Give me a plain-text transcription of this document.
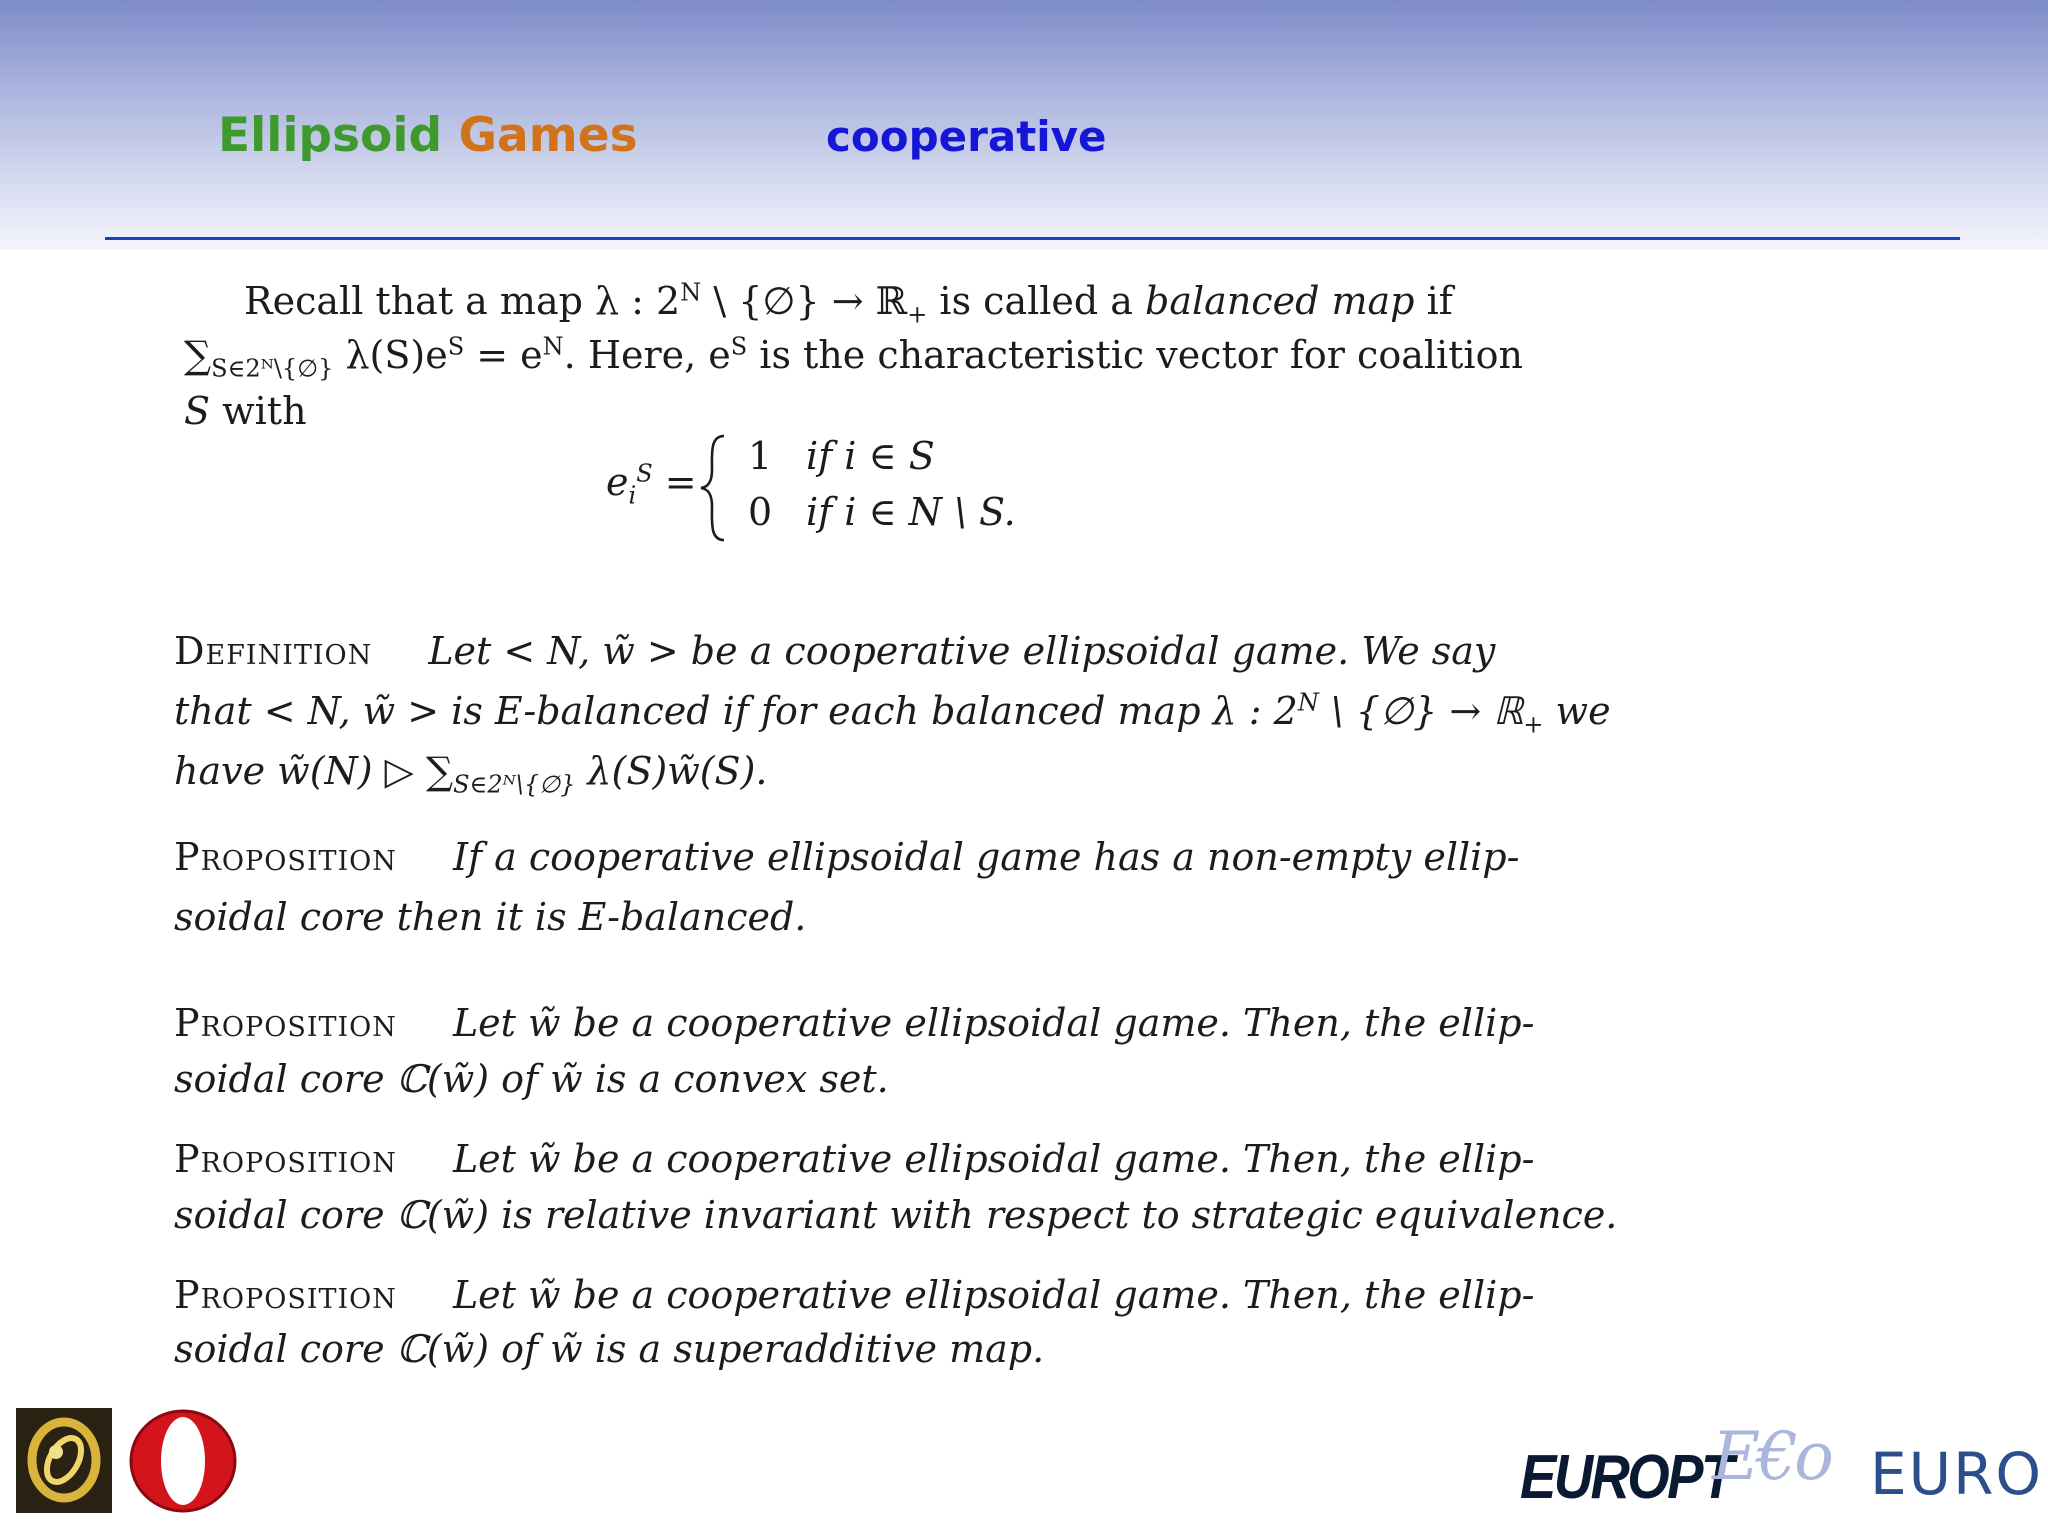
Ellipsoid Games	cooperative
Recall that a map λ : $2^N$ \ {∅} → ℝ$_+$ is called a balanced map if
$\sum_{S\in 2ᴺ\backslash\{\emptyset\}}$ $\lambda(S)e^S = e^N$. Here, $e^S$ is the characteristic vector for coalition
S with
$e_i^S$ =
1 if i ∈ S
0 if i ∈ N \ S.
Definition Let < N, w̃ > be a cooperative ellipsoidal game. We say
that < N, w̃ > is E-balanced if for each balanced map λ : $2^N$ \ {∅} → ℝ$_+$ we
have w̃(N) ▷ $\sum_{S\in 2ᴺ\backslash\{\emptyset\}}$ λ(S)w̃(S).
Proposition If a cooperative ellipsoidal game has a non-empty ellip-
soidal core then it is E-balanced.
Proposition Let w̃ be a cooperative ellipsoidal game. Then, the ellip-
soidal core ℂ(w̃) of w̃ is a convex set.
Proposition Let w̃ be a cooperative ellipsoidal game. Then, the ellip-
soidal core ℂ(w̃) is relative invariant with respect to strategic equivalence.
Proposition Let w̃ be a cooperative ellipsoidal game. Then, the ellip-
soidal core ℂ(w̃) of w̃ is a superadditive map.
EUROPT
E€o EURO
